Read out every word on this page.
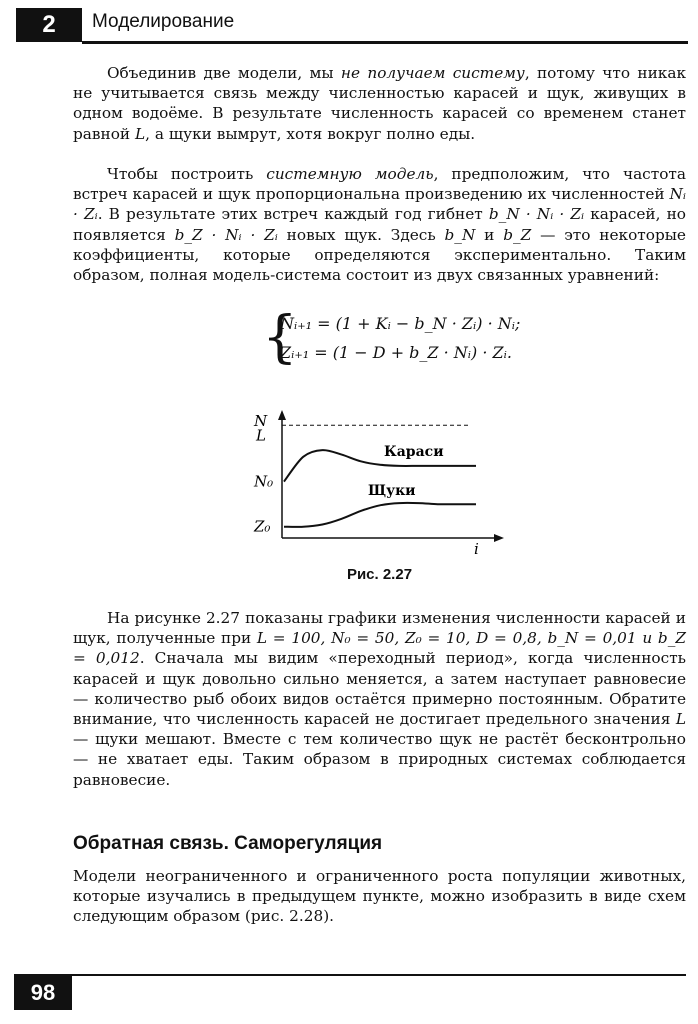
2	Моделирование

Объединив две модели, мы не получаем систему, потому что никак не учитывается связь между численностью карасей и щук, живущих в одном водоёме. В результате численность карасей со временем станет равной L, а щуки вымрут, хотя вокруг полно еды.

Чтобы построить системную модель, предположим, что частота встреч карасей и щук пропорциональна произведению их численностей Nᵢ · Zᵢ. В результате этих встреч каждый год гибнет b_N · Nᵢ · Zᵢ карасей, но появляется b_Z · Nᵢ · Zᵢ новых щук. Здесь b_N и b_Z — это некоторые коэффициенты, которые определяются экспериментально. Таким образом, полная модель-система состоит из двух связанных уравнений:

{
Nᵢ₊₁ = (1 + Kᵢ − b_N · Zᵢ) · Nᵢ;
Zᵢ₊₁ = (1 − D + b_Z · Nᵢ) · Zᵢ.
N
L
N₀
Z₀
i
Караси
Щуки
Рис. 2.27

На рисунке 2.27 показаны графики изменения численности карасей и щук, полученные при L = 100, N₀ = 50, Z₀ = 10, D = 0,8, b_N = 0,01 и b_Z = 0,012. Сначала мы видим «переходный период», когда численность карасей и щук довольно сильно меняется, а затем наступает равновесие — количество рыб обоих видов остаётся примерно постоянным. Обратите внимание, что численность карасей не достигает предельного значения L — щуки мешают. Вместе с тем количество щук не растёт бесконтрольно — не хватает еды. Таким образом в природных системах соблюдается равновесие.

Обратная связь. Саморегуляция

Модели неограниченного и ограниченного роста популяции животных, которые изучались в предыдущем пункте, можно изобразить в виде схем следующим образом (рис. 2.28).

98
